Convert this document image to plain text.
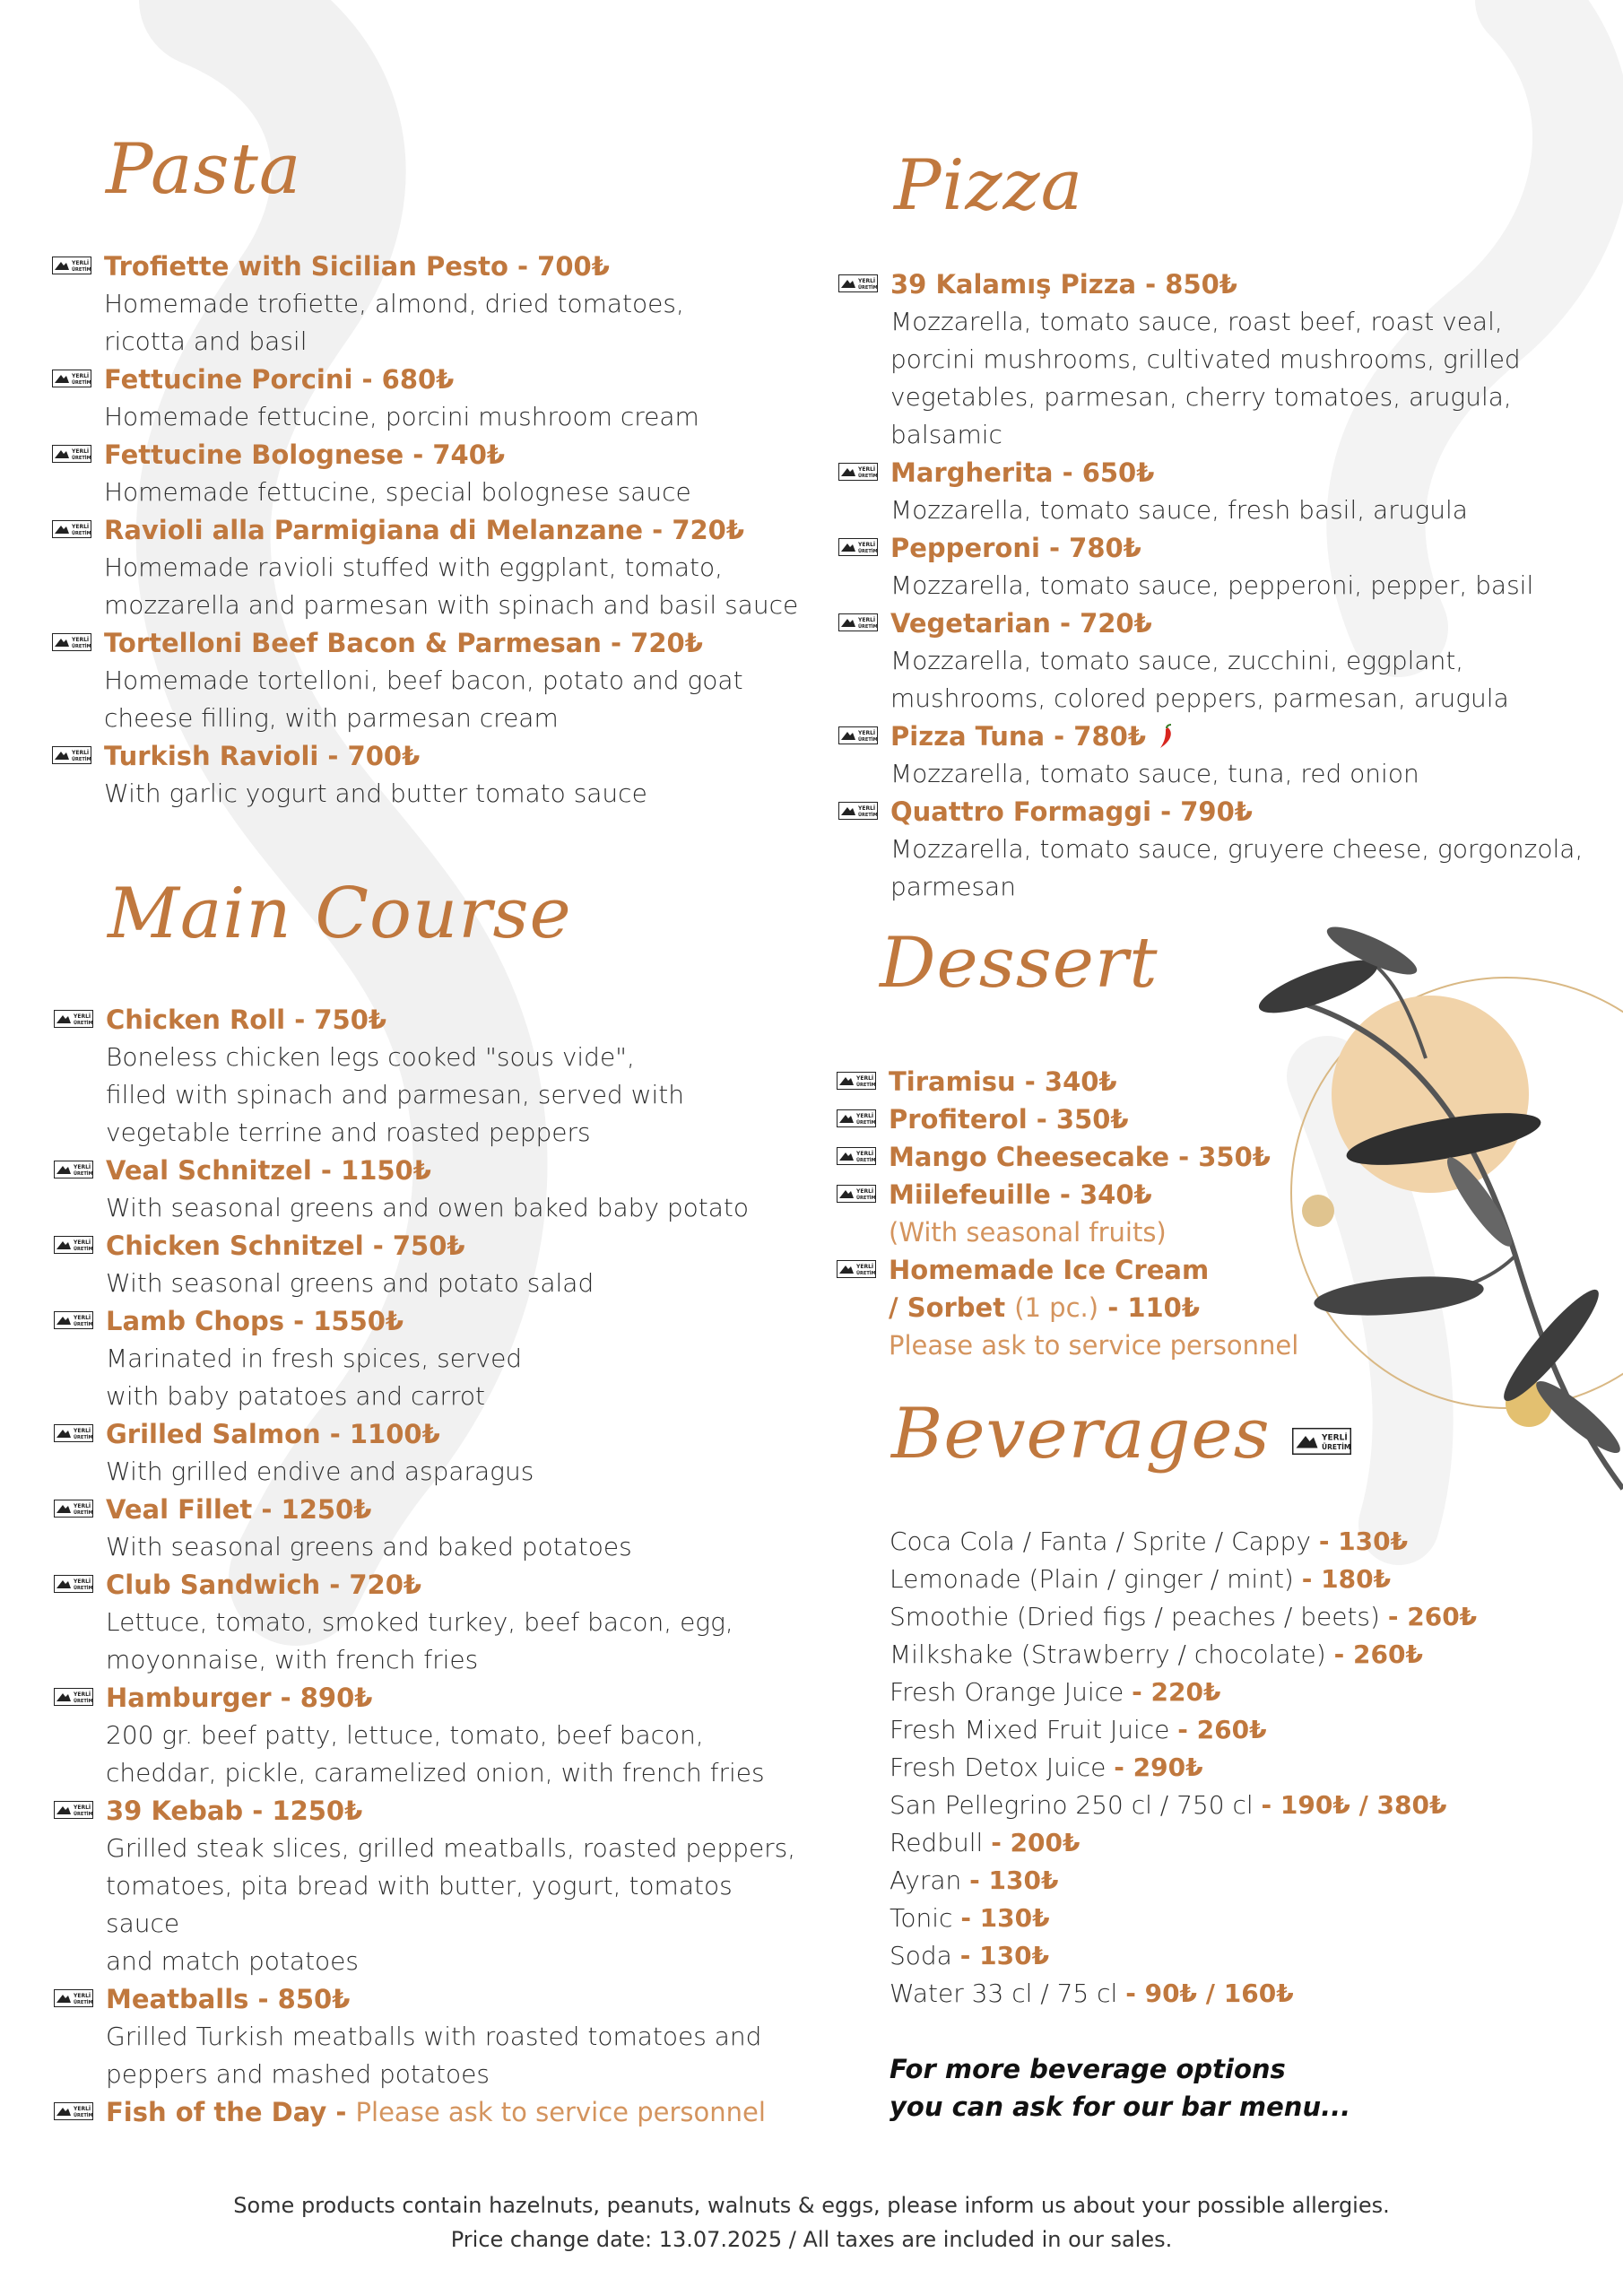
Pasta
YERLİ
ÜRETİM Trofiette with Sicilian Pesto - 700₺
Homemade trofiette, almond, dried tomatoes,
ricotta and basil
YERLİ
ÜRETİM Fettucine Porcini - 680₺
Homemade fettucine, porcini mushroom cream
YERLİ
ÜRETİM Fettucine Bolognese - 740₺
Homemade fettucine, special bolognese sauce
YERLİ
ÜRETİM Ravioli alla Parmigiana di Melanzane - 720₺
Homemade ravioli stuffed with eggplant, tomato,
mozzarella and parmesan with spinach and basil sauce
YERLİ
ÜRETİM Tortelloni Beef Bacon & Parmesan - 720₺
Homemade tortelloni, beef bacon, potato and goat
cheese filling, with parmesan cream
YERLİ
ÜRETİM Turkish Ravioli - 700₺
With garlic yogurt and butter tomato sauce
Main Course
YERLİ
ÜRETİM Chicken Roll - 750₺
Boneless chicken legs cooked "sous vide",
filled with spinach and parmesan, served with
vegetable terrine and roasted peppers
YERLİ
ÜRETİM Veal Schnitzel - 1150₺
With seasonal greens and owen baked baby potato
YERLİ
ÜRETİM Chicken Schnitzel - 750₺
With seasonal greens and potato salad
YERLİ
ÜRETİM Lamb Chops - 1550₺
Marinated in fresh spices, served
with baby patatoes and carrot
YERLİ
ÜRETİM Grilled Salmon - 1100₺
With grilled endive and asparagus
YERLİ
ÜRETİM Veal Fillet - 1250₺
With seasonal greens and baked potatoes
YERLİ
ÜRETİM Club Sandwich - 720₺
Lettuce, tomato, smoked turkey, beef bacon, egg,
moyonnaise, with french fries
YERLİ
ÜRETİM Hamburger - 890₺
200 gr. beef patty, lettuce, tomato, beef bacon,
cheddar, pickle, caramelized onion, with french fries
YERLİ
ÜRETİM 39 Kebab - 1250₺
Grilled steak slices, grilled meatballs, roasted peppers,
tomatoes, pita bread with butter, yogurt, tomatos sauce
and match potatoes
YERLİ
ÜRETİM Meatballs - 850₺
Grilled Turkish meatballs with roasted tomatoes and
peppers and mashed potatoes
YERLİ
ÜRETİM Fish of the Day - Please ask to service personnel
Pizza
YERLİ
ÜRETİM 39 Kalamış Pizza - 850₺
Mozzarella, tomato sauce, roast beef, roast veal,
porcini mushrooms, cultivated mushrooms, grilled
vegetables, parmesan, cherry tomatoes, arugula, balsamic
YERLİ
ÜRETİM Margherita - 650₺
Mozzarella, tomato sauce, fresh basil, arugula
YERLİ
ÜRETİM Pepperoni - 780₺
Mozzarella, tomato sauce, pepperoni, pepper, basil
YERLİ
ÜRETİM Vegetarian - 720₺
Mozzarella, tomato sauce, zucchini, eggplant,
mushrooms, colored peppers, parmesan, arugula
YERLİ
ÜRETİM Pizza Tuna - 780₺
Mozzarella, tomato sauce, tuna, red onion
YERLİ
ÜRETİM Quattro Formaggi - 790₺
Mozzarella, tomato sauce, gruyere cheese, gorgonzola,
parmesan
Dessert
YERLİ
ÜRETİM Tiramisu - 340₺
YERLİ
ÜRETİM Profiterol - 350₺
YERLİ
ÜRETİM Mango Cheesecake - 350₺
YERLİ
ÜRETİM Miilefeuille - 340₺
(With seasonal fruits)
YERLİ
ÜRETİM Homemade Ice Cream
/ Sorbet (1 pc.) - 110₺
Please ask to service personnel
Beverages	YERLİ
ÜRETİM
Coca Cola / Fanta / Sprite / Cappy - 130₺
Lemonade (Plain / ginger / mint) - 180₺
Smoothie (Dried figs / peaches / beets) - 260₺
Milkshake (Strawberry / chocolate) - 260₺
Fresh Orange Juice - 220₺
Fresh Mixed Fruit Juice - 260₺
Fresh Detox Juice - 290₺
San Pellegrino 250 cl / 750 cl - 190₺ / 380₺
Redbull - 200₺
Ayran - 130₺
Tonic - 130₺
Soda - 130₺
Water 33 cl / 75 cl - 90₺ / 160₺
For more beverage options
you can ask for our bar menu...
Some products contain hazelnuts, peanuts, walnuts & eggs, please inform us about your possible allergies.
Price change date: 13.07.2025 / All taxes are included in our sales.
